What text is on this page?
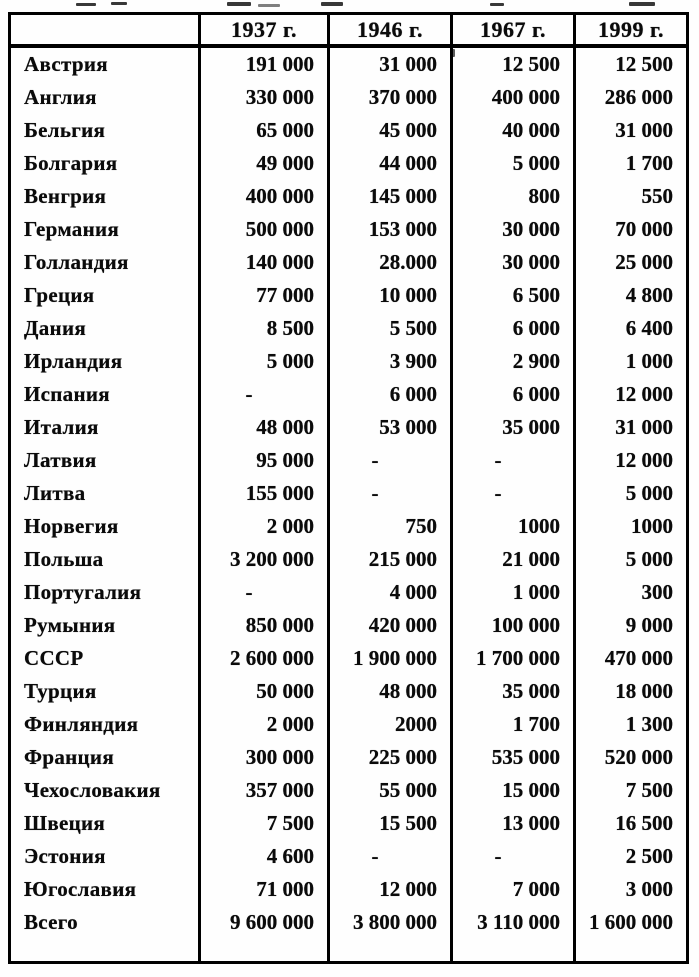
	1937 г.	1946 г.	1967 г.	1999 г.
Австрия	191 000	31 000	12 500	12 500
Англия	330 000	370 000	400 000	286 000
Бельгия	65 000	45 000	40 000	31 000
Болгария	49 000	44 000	5 000	1 700
Венгрия	400 000	145 000	800	550
Германия	500 000	153 000	30 000	70 000
Голландия	140 000	28.000	30 000	25 000
Греция	77 000	10 000	6 500	4 800
Дания	8 500	5 500	6 000	6 400
Ирландия	5 000	3 900	2 900	1 000
Испания	-	6 000	6 000	12 000
Италия	48 000	53 000	35 000	31 000
Латвия	95 000	-	-	12 000
Литва	155 000	-	-	5 000
Норвегия	2 000	750	1000	1000
Польша	3 200 000	215 000	21 000	5 000
Португалия	-	4 000	1 000	300
Румыния	850 000	420 000	100 000	9 000
СССР	2 600 000	1 900 000	1 700 000	470 000
Турция	50 000	48 000	35 000	18 000
Финляндия	2 000	2000	1 700	1 300
Франция	300 000	225 000	535 000	520 000
Чехословакия	357 000	55 000	15 000	7 500
Швеция	7 500	15 500	13 000	16 500
Эстония	4 600	-	-	2 500
Югославия	71 000	12 000	7 000	3 000
Всего	9 600 000	3 800 000	3 110 000	1 600 000
